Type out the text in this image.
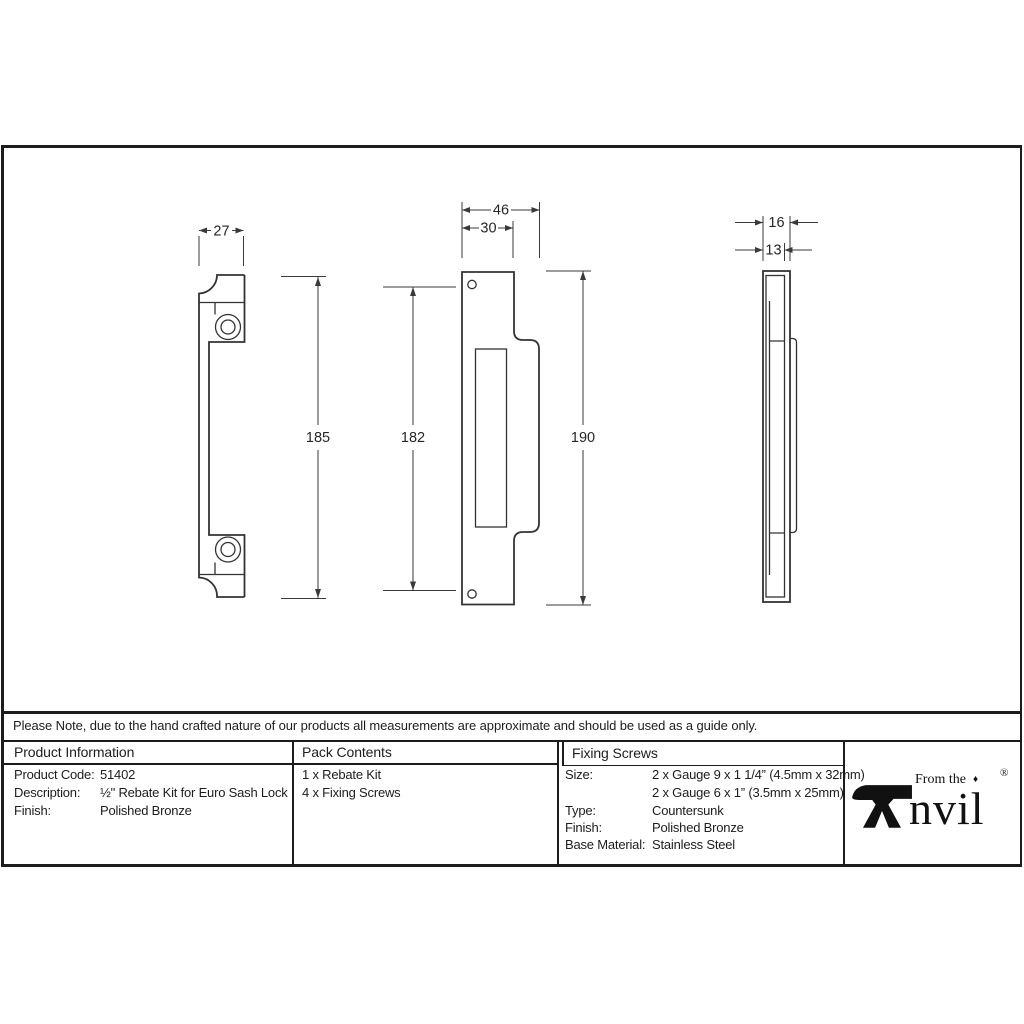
27
185
46
30
182	190
16
13
Please Note, due to the hand crafted nature of our products all measurements are approximate and should be used as a guide only.
Product Information	Pack Contents	Fixing Screws
Product Code: 51402
Description: ½" Rebate Kit for Euro Sash Lock
Finish:	Polished Bronze
1 x Rebate Kit
4 x Fixing Screws
Size:	2 x Gauge 9 x 1 1/4” (4.5mm x 32mm)
2 x Gauge 6 x 1” (3.5mm x 25mm)
Type:	Countersunk
Finish:	Polished Bronze
Base Material: Stainless Steel
From the ♦
nvil
®
